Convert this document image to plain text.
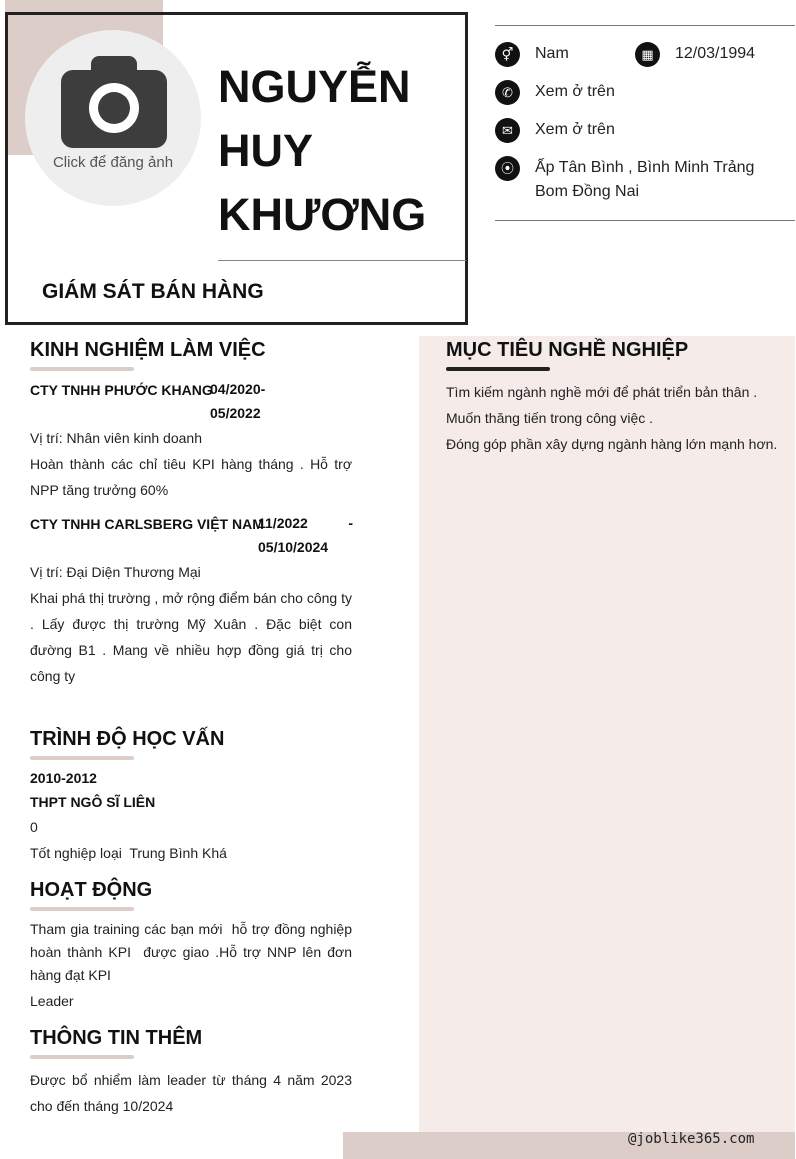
Click để đăng ảnh
NGUYỄN
HUY
KHƯƠNG
GIÁM SÁT BÁN HÀNG
⚥	Nam	▦	12/03/1994
✆	Xem ở trên
✉	Xem ở trên
⦿	Ấp Tân Bình , Bình Minh Trảng Bom Đồng Nai
KINH NGHIỆM LÀM VIỆC
CTY TNHH PHƯỚC KHANG
04/2020-
05/2022
Vị trí: Nhân viên kinh doanh
Hoàn thành các chỉ tiêu KPI hàng tháng . Hỗ trợ NPP tăng trưởng 60%
CTY TNHH CARLSBERG VIỆT NAM
11/2022	-

05/10/2024
Vị trí: Đại Diện Thương Mại
Khai phá thị trường , mở rộng điểm bán cho công ty . Lấy được thị trường Mỹ Xuân . Đặc biệt con đường B1 . Mang về nhiều hợp đồng giá trị cho công ty
TRÌNH ĐỘ HỌC VẤN
2010-2012
THPT NGÔ SĨ LIÊN
0
Tốt nghiệp loại  Trung Bình Khá
HOẠT ĐỘNG
Tham gia training các bạn mới  hỗ trợ đồng nghiệp hoàn thành KPI  được giao .Hỗ trợ NNP lên đơn hàng đạt KPI
Leader
THÔNG TIN THÊM
Được bổ nhiểm làm leader từ tháng 4 năm 2023 cho đến tháng 10/2024
MỤC TIÊU NGHỀ NGHIỆP
Tìm kiếm ngành nghề mới để phát triển bản thân .
Muốn thăng tiến trong công việc .
Đóng góp phần xây dựng ngành hàng lớn mạnh hơn.
@joblike365.com
